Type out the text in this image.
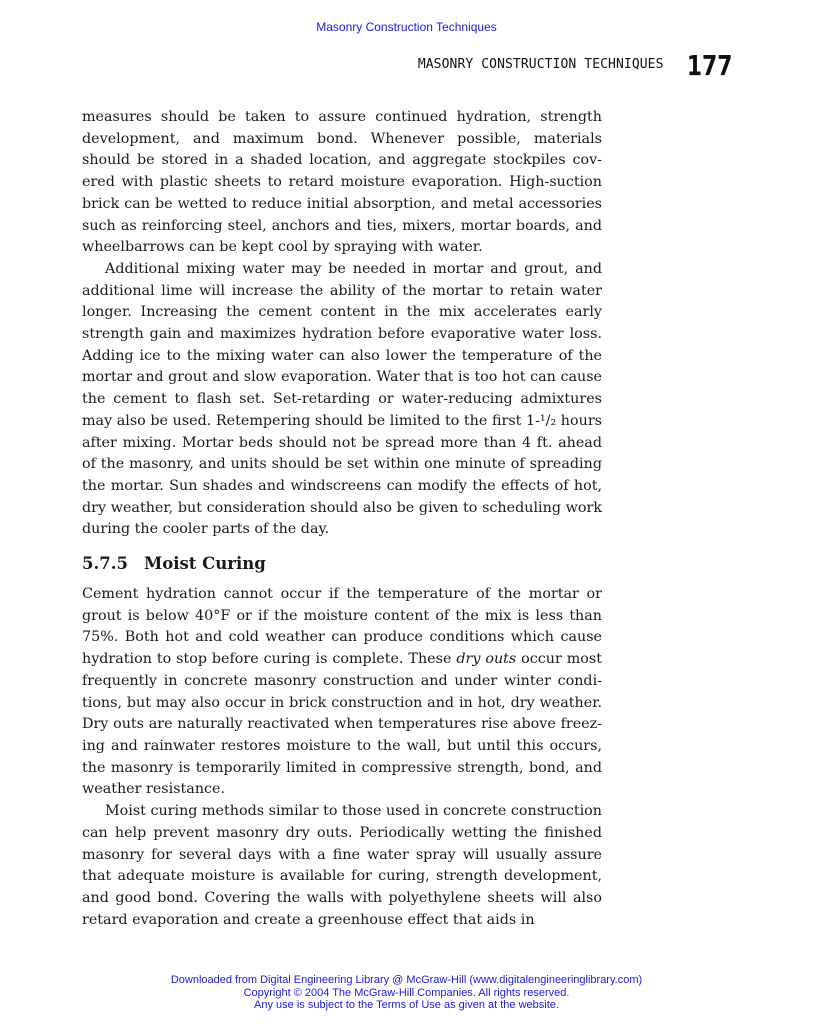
Masonry Construction Techniques
MASONRY CONSTRUCTION TECHNIQUES 177

measures should be taken to assure continued hydration, strength development, and maximum bond. Whenever possible, materials should be stored in a shaded location, and aggregate stockpiles covered with plastic sheets to retard moisture evaporation. High-suction brick can be wetted to reduce initial absorption, and metal accessories such as reinforcing steel, anchors and ties, mixers, mortar boards, and wheelbarrows can be kept cool by spraying with water.

Additional mixing water may be needed in mortar and grout, and additional lime will increase the ability of the mortar to retain water longer. Increasing the cement content in the mix accelerates early strength gain and maximizes hydration before evaporative water loss. Adding ice to the mixing water can also lower the temperature of the mortar and grout and slow evaporation. Water that is too hot can cause the cement to flash set. Set-retarding or water-reducing admixtures may also be used. Retempering should be limited to the first 1-¹/₂ hours after mixing. Mortar beds should not be spread more than 4 ft. ahead of the masonry, and units should be set within one minute of spreading the mortar. Sun shades and windscreens can modify the effects of hot, dry weather, but consideration should also be given to scheduling work during the cooler parts of the day.

5.7.5 Moist Curing

Cement hydration cannot occur if the temperature of the mortar or grout is below 40°F or if the moisture content of the mix is less than 75%. Both hot and cold weather can produce conditions which cause hydration to stop before curing is complete. These dry outs occur most frequently in concrete masonry construction and under winter conditions, but may also occur in brick construction and in hot, dry weather. Dry outs are naturally reactivated when temperatures rise above freezing and rainwater restores moisture to the wall, but until this occurs, the masonry is temporarily limited in compressive strength, bond, and weather resistance.

Moist curing methods similar to those used in concrete construction can help prevent masonry dry outs. Periodically wetting the finished masonry for several days with a fine water spray will usually assure that adequate moisture is available for curing, strength development, and good bond. Covering the walls with polyethylene sheets will also retard evaporation and create a greenhouse effect that aids in

Downloaded from Digital Engineering Library @ McGraw-Hill (www.digitalengineeringlibrary.com)
Copyright © 2004 The McGraw-Hill Companies. All rights reserved.
Any use is subject to the Terms of Use as given at the website.
